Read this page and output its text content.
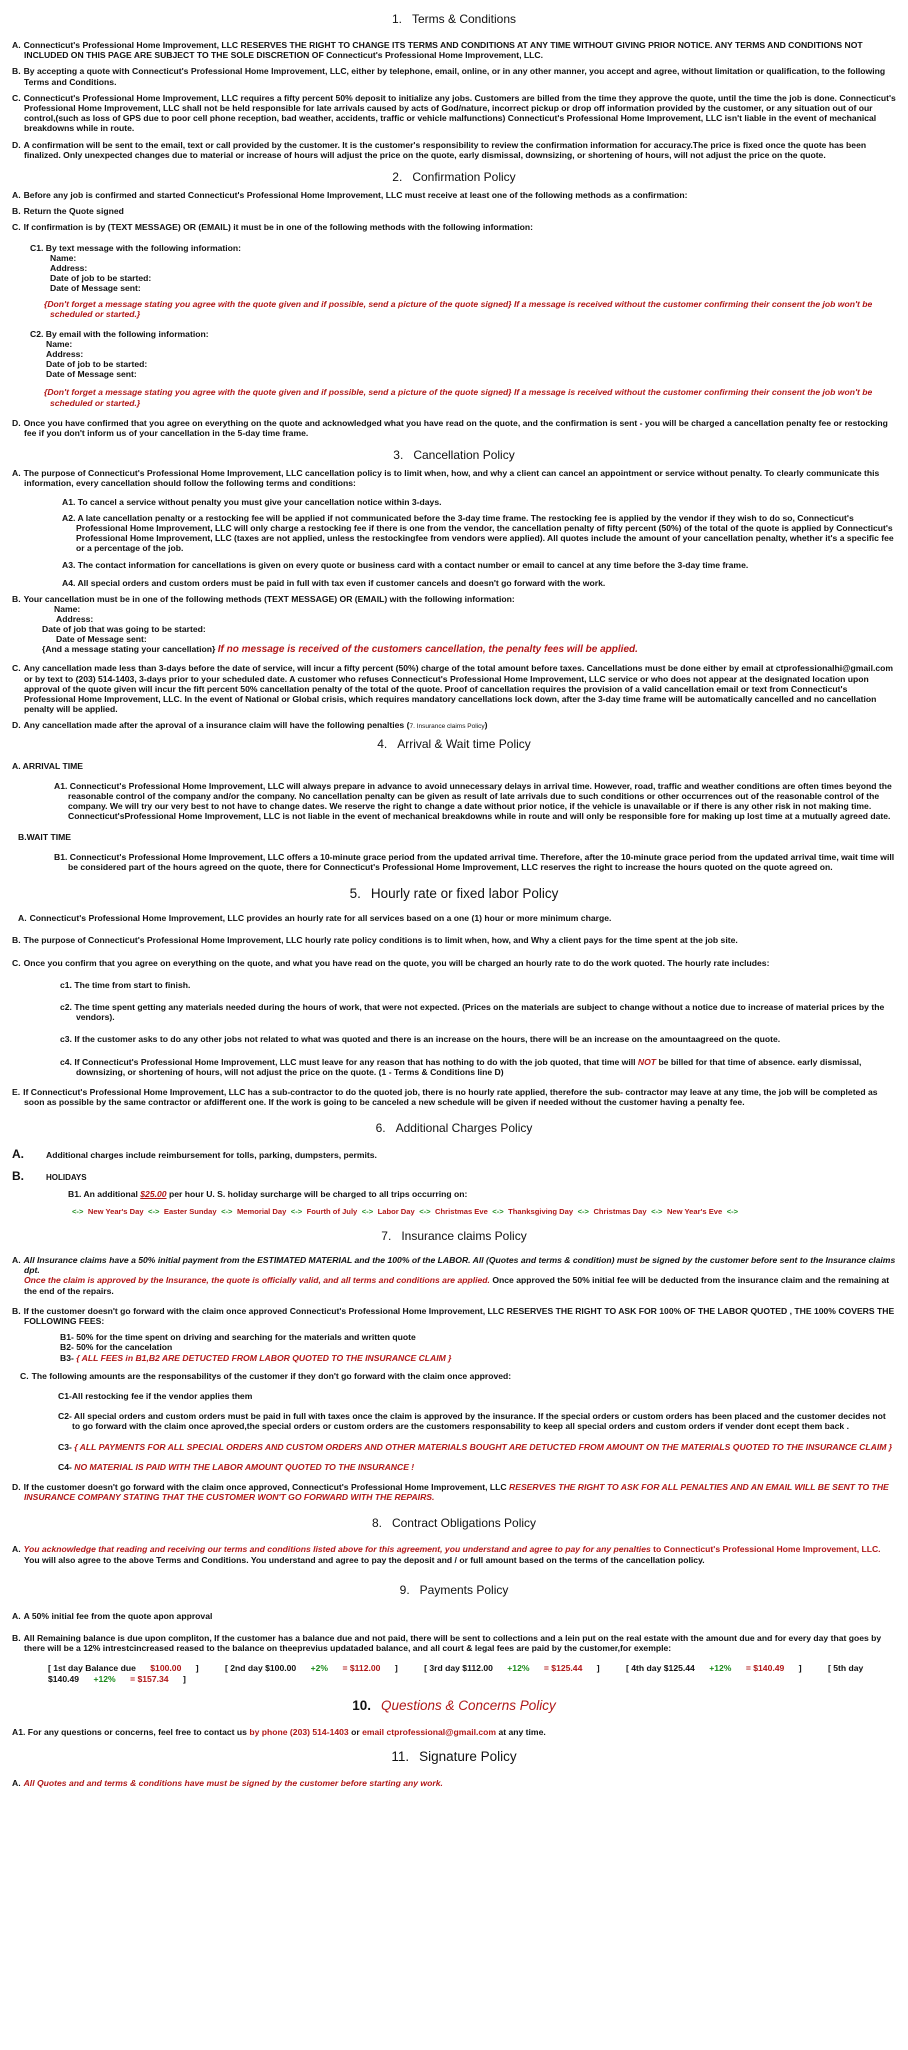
1. Terms & Conditions
A. Connecticut's Professional Home Improvement, LLC RESERVES THE RIGHT TO CHANGE ITS TERMS AND CONDITIONS AT ANY TIME WITHOUT GIVING PRIOR NOTICE. ANY TERMS AND CONDITIONS NOT INCLUDED ON THIS PAGE ARE SUBJECT TO THE SOLE DISCRETION OF Connecticut's Professional Home Improvement, LLC.
B. By accepting a quote with Connecticut's Professional Home Improvement, LLC, either by telephone, email, online, or in any other manner, you accept and agree, without limitation or qualification, to the following Terms and Conditions.
C. Connecticut's Professional Home Improvement, LLC requires a fifty percent 50% deposit to initialize any jobs. Customers are billed from the time they approve the quote, until the time the job is done. Connecticut's Professional Home Improvement, LLC shall not be held responsible for late arrivals caused by acts of God/nature, incorrect pickup or drop off information provided by the customer, or any situation out of our control,(such as loss of GPS due to poor cell phone reception, bad weather, accidents, traffic or vehicle malfunctions) Connecticut's Professional Home Improvement, LLC isn't liable in the event of mechanical breakdowns while in route.
D. A confirmation will be sent to the email, text or call provided by the customer. It is the customer's responsibility to review the confirmation information for accuracy.The price is fixed once the quote has been finalized. Only unexpected changes due to material or increase of hours will adjust the price on the quote, early dismissal, downsizing, or shortening of hours, will not adjust the price on the quote.
2. Confirmation Policy
A. Before any job is confirmed and started Connecticut's Professional Home Improvement, LLC must receive at least one of the following methods as a confirmation:
B. Return the Quote signed
C. If confirmation is by (TEXT MESSAGE) OR (EMAIL) it must be in one of the following methods with the following information:
C1. By text message with the following information:
Name:
Address:
Date of job to be started:
Date of Message sent:
{Don't forget a message stating you agree with the quote given and if possible, send a picture of the quote signed} If a message is received without the customer confirming their consent the job won't be scheduled or started.}
C2. By email with the following information:
Name:
Address:
Date of job to be started:
Date of Message sent:
{Don't forget a message stating you agree with the quote given and if possible, send a picture of the quote signed} If a message is received without the customer confirming their consent the job won't be scheduled or started.}
D. Once you have confirmed that you agree on everything on the quote and acknowledged what you have read on the quote, and the confirmation is sent - you will be charged a cancellation penalty fee or restocking fee if you don't inform us of your cancellation in the 5-day time frame.
3. Cancellation Policy
A. The purpose of Connecticut's Professional Home Improvement, LLC cancellation policy is to limit when, how, and why a client can cancel an appointment or service without penalty. To clearly communicate this information, every cancellation should follow the following terms and conditions:
A1. To cancel a service without penalty you must give your cancellation notice within 3-days.
A2. A late cancellation penalty or a restocking fee will be applied if not communicated before the 3-day time frame. The restocking fee is applied by the vendor if they wish to do so, Connecticut's Professional Home Improvement, LLC will only charge a restocking fee if there is one from the vendor, the cancellation penalty of fifty percent (50%) of the total of the quote is applied by Connecticut's Professional Home Improvement, LLC (taxes are not applied, unless the restockingfee from vendors were applied). All quotes include the amount of your cancellation penalty, whether it's a specific fee or a percentage of the job.
A3. The contact information for cancellations is given on every quote or business card with a contact number or email to cancel at any time before the 3-day time frame.
A4. All special orders and custom orders must be paid in full with tax even if customer cancels and doesn't go forward with the work.
B. Your cancellation must be in one of the following methods (TEXT MESSAGE) OR (EMAIL) with the following information:
Name:
Address:
Date of job that was going to be started:
Date of Message sent:
{And a message stating your cancellation} If no message is received of the customers cancellation, the penalty fees will be applied.
C. Any cancellation made less than 3-days before the date of service, will incur a fifty percent (50%) charge of the total amount before taxes. Cancellations must be done either by email at ctprofessionalhi@gmail.com or by text to (203) 514-1403, 3-days prior to your scheduled date. A customer who refuses Connecticut's Professional Home Improvement, LLC service or who does not appear at the designated location upon approval of the quote given will incur the fift percent 50% cancellation penalty of the total of the quote. Proof of cancellation requires the provision of a valid cancellation email or text from Connecticut's Professional Home Improvement, LLC. In the event of National or Global crisis, which requires mandatory cancellations lock down, after the 3-day time frame will be automatically cancelled and no cancellation penalty will be applied.
D. Any cancellation made after the aproval of a insurance claim will have the following penalties (7. Insurance claims Policy)
4. Arrival & Wait time Policy
A. ARRIVAL TIME
A1. Connecticut's Professional Home Improvement, LLC will always prepare in advance to avoid unnecessary delays in arrival time. However, road, traffic and weather conditions are often times beyond the reasonable control of the company and/or the company. No cancellation penalty can be given as result of late arrivals due to such conditions or other occurrences out of the reasonable control of the company. We will try our very best to not have to change dates. We reserve the right to change a date without prior notice, if the vehicle is unavailable or if there is any other risk in not making time. Connecticut'sProfessional Home Improvement, LLC is not liable in the event of mechanical breakdowns while in route and will only be responsible fore for making up lost time at a mutually agreed date.
B.WAIT TIME
B1. Connecticut's Professional Home Improvement, LLC offers a 10-minute grace period from the updated arrival time. Therefore, after the 10-minute grace period from the updated arrival time, wait time will be considered part of the hours agreed on the quote, there for Connecticut's Professional Home Improvement, LLC reserves the right to increase the hours quoted on the quote agreed on.
5. Hourly rate or fixed labor Policy
A. Connecticut's Professional Home Improvement, LLC provides an hourly rate for all services based on a one (1) hour or more minimum charge.
B. The purpose of Connecticut's Professional Home Improvement, LLC hourly rate policy conditions is to limit when, how, and Why a client pays for the time spent at the job site.
C. Once you confirm that you agree on everything on the quote, and what you have read on the quote, you will be charged an hourly rate to do the work quoted. The hourly rate includes:
c1. The time from start to finish.
c2. The time spent getting any materials needed during the hours of work, that were not expected. (Prices on the materials are subject to change without a notice due to increase of material prices by the vendors).
c3. If the customer asks to do any other jobs not related to what was quoted and there is an increase on the hours, there will be an increase on the amountaagreed on the quote.
c4. If Connecticut's Professional Home Improvement, LLC must leave for any reason that has nothing to do with the job quoted, that time will NOT be billed for that time of absence. early dismissal, downsizing, or shortening of hours, will not adjust the price on the quote. (1 - Terms & Conditions line D)
E. If Connecticut's Professional Home Improvement, LLC has a sub-contractor to do the quoted job, there is no hourly rate applied, therefore the sub- contractor may leave at any time, the job will be completed as soon as possible by the same contractor or afdifferent one. If the work is going to be canceled a new schedule will be given if needed without the customer having a penalty fee.
6. Additional Charges Policy
A.	Additional charges include reimbursement for tolls, parking, dumpsters, permits.
B.	HOLIDAYS
B1. An additional $25.00 per hour U. S. holiday surcharge will be charged to all trips occurring on:
<-> New Year's Day <-> Easter Sunday <-> Memorial Day <-> Fourth of July <-> Labor Day <-> Christmas Eve <-> Thanksgiving Day <-> Christmas Day <-> New Year's Eve <->
7. Insurance claims Policy
A. All Insurance claims have a 50% initial payment from the ESTIMATED MATERIAL and the 100% of the LABOR. All (Quotes and terms & condition) must be signed by the customer before sent to the Insurance claims dpt.
Once the claim is approved by the Insurance, the quote is officially valid, and all terms and conditions are applied. Once approved the 50% initial fee will be deducted from the insurance claim and the remaining at the end of the repairs.
B. If the customer doesn't go forward with the claim once approved Connecticut's Professional Home Improvement, LLC RESERVES THE RIGHT TO ASK FOR 100% OF THE LABOR QUOTED , THE 100% COVERS THE FOLLOWING FEES:
B1- 50% for the time spent on driving and searching for the materials and written quote
B2- 50% for the cancelation
B3- { ALL FEES in B1,B2 ARE DETUCTED FROM LABOR QUOTED TO THE INSURANCE CLAIM }
C. The following amounts are the responsabilitys of the customer if they don't go forward with the claim once approved:
C1-All restocking fee if the vendor applies them
C2- All special orders and custom orders must be paid in full with taxes once the claim is approved by the insurance. If the special orders or custom orders has been placed and the customer decides not to go forward with the claim once aproved,the special orders or custom orders are the customers responsability to keep all special orders and custom orders if vender dont ecept them back .
C3- { ALL PAYMENTS FOR ALL SPECIAL ORDERS AND CUSTOM ORDERS AND OTHER MATERIALS BOUGHT ARE DETUCTED FROM AMOUNT ON THE MATERIALS QUOTED TO THE INSURANCE CLAIM }
C4- NO MATERIAL IS PAID WITH THE LABOR AMOUNT QUOTED TO THE INSURANCE !
D. If the customer doesn't go forward with the claim once approved, Connecticut's Professional Home Improvement, LLC RESERVES THE RIGHT TO ASK FOR ALL PENALTIES AND AN EMAIL WILL BE SENT TO THE INSURANCE COMPANY STATING THAT THE CUSTOMER WON'T GO FORWARD WITH THE REPAIRS.
8. Contract Obligations Policy
A. You acknowledge that reading and receiving our terms and conditions listed above for this agreement, you understand and agree to pay for any penalties to Connecticut's Professional Home Improvement, LLC. You will also agree to the above Terms and Conditions. You understand and agree to pay the deposit and / or full amount based on the terms of the cancellation policy.
9. Payments Policy
A. A 50% initial fee from the quote apon approval
B. All Remaining balance is due upon compliton, If the customer has a balance due and not paid, there will be sent to collections and a lein put on the real estate with the amount due and for every day that goes by there will be a 12% intrestcincreased reased to the balance on theeprevius updataded balance, and all court & legal fees are paid by the customer,for exemple:
[ 1st day Balance due $100.00 ]	[ 2nd day $100.00 +2% = $112.00 ]	[ 3rd day $112.00 +12% = $125.44 ]	[ 4th day $125.44 +12% = $140.49 ]	[ 5th day $140.49 +12% = $157.34 ]
10. Questions & Concerns Policy
A1. For any questions or concerns, feel free to contact us by phone (203) 514-1403 or email ctprofessional@gmail.com at any time.
11. Signature Policy
A. All Quotes and and terms & conditions have must be signed by the customer before starting any work.
